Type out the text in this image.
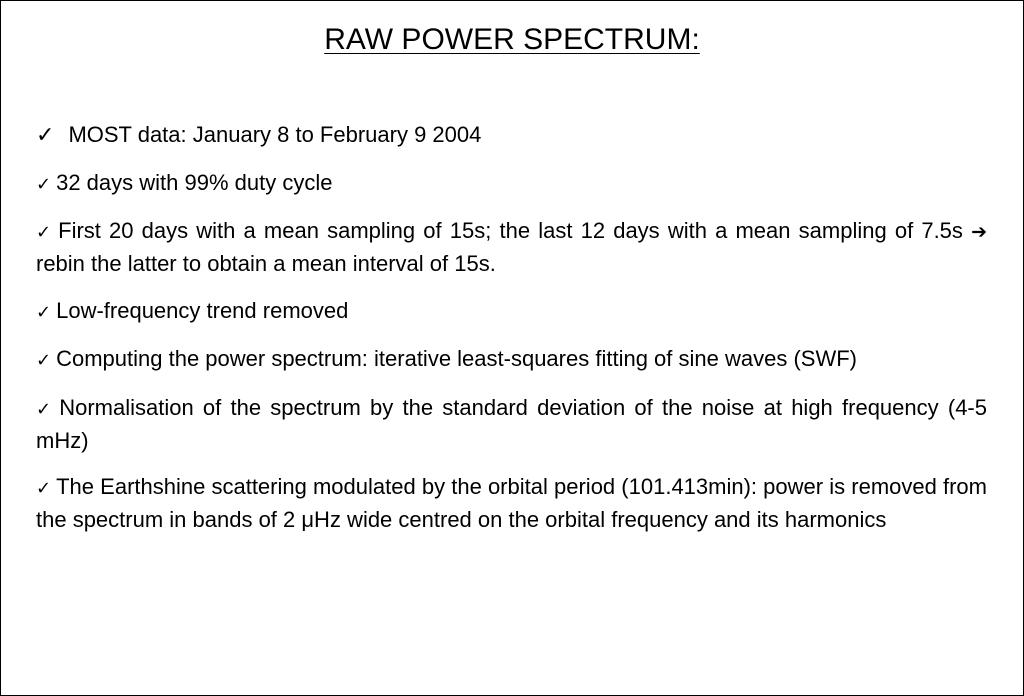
RAW POWER SPECTRUM:
✓ MOST data: January 8 to February 9 2004
✓ 32 days with 99% duty cycle
✓ First 20 days with a mean sampling of 15s; the last 12 days with a mean sampling of 7.5s ➔ rebin the latter to obtain a mean interval of 15s.
✓ Low-frequency trend removed
✓ Computing the power spectrum: iterative least-squares fitting of sine waves (SWF)
✓ Normalisation of the spectrum by the standard deviation of the noise at high frequency (4-5 mHz)
✓ The Earthshine scattering modulated by the orbital period (101.413min): power is removed from the spectrum in bands of 2 μHz wide centred on the orbital frequency and its harmonics
